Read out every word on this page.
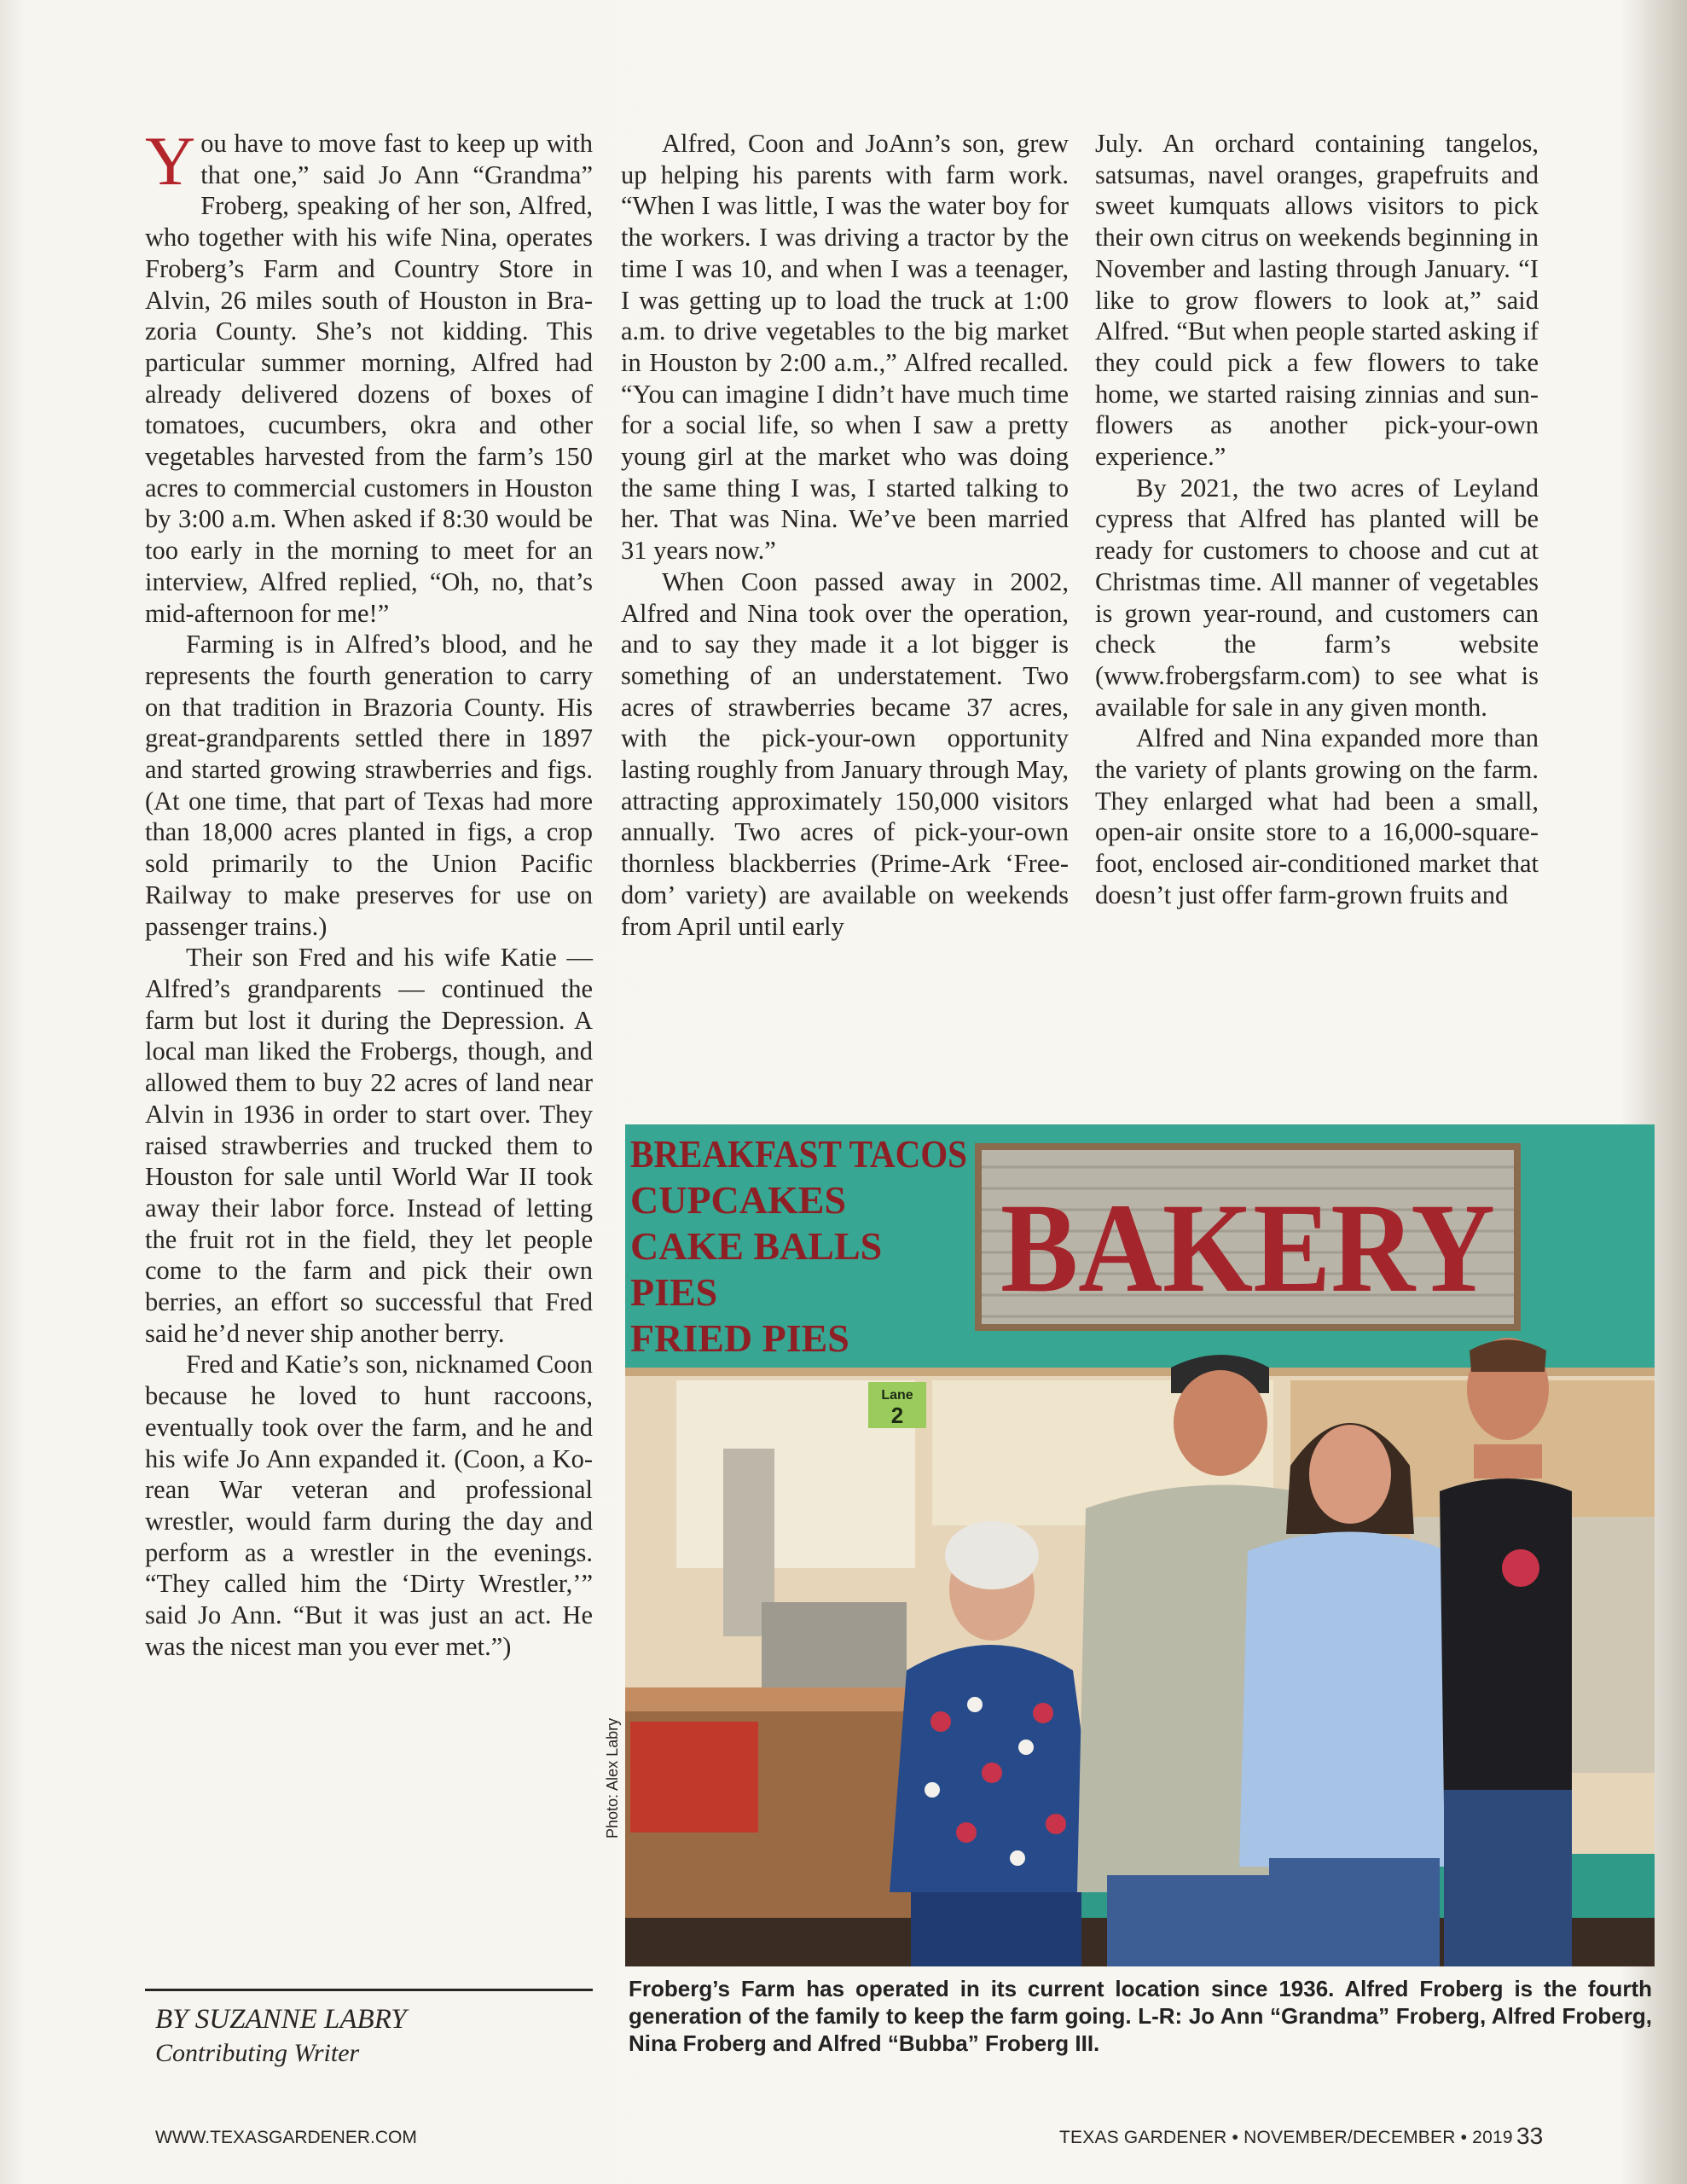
You have to move fast to keep up with that one,” said Jo Ann “Grandma” Froberg, speaking of her son, Alfred, who together with his wife Nina, operates Froberg’s Farm and Country Store in Alvin, 26 miles south of Houston in Brazoria County. She’s not kidding. This particular summer morning, Alfred had already delivered dozens of boxes of tomatoes, cucumbers, okra and other vegetables harvested from the farm’s 150 acres to commercial customers in Houston by 3:00 a.m. When asked if 8:30 would be too early in the morning to meet for an interview, Alfred replied, “Oh, no, that’s mid-afternoon for me!”

Farming is in Alfred’s blood, and he represents the fourth generation to carry on that tradition in Brazoria County. His great-grandparents settled there in 1897 and started growing strawberries and figs. (At one time, that part of Texas had more than 18,000 acres planted in figs, a crop sold primarily to the Union Pacific Railway to make preserves for use on passenger trains.)

Their son Fred and his wife Katie — Alfred’s grandparents — continued the farm but lost it during the Depression. A local man liked the Frobergs, though, and allowed them to buy 22 acres of land near Alvin in 1936 in order to start over. They raised strawberries and trucked them to Houston for sale until World War II took away their labor force. Instead of letting the fruit rot in the field, they let people come to the farm and pick their own berries, an effort so successful that Fred said he’d never ship another berry.

Fred and Katie’s son, nicknamed Coon because he loved to hunt raccoons, eventually took over the farm, and he and his wife Jo Ann expanded it. (Coon, a Korean War veteran and professional wrestler, would farm during the day and perform as a wrestler in the evenings. “They called him the ‘Dirty Wrestler,’” said Jo Ann. “But it was just an act. He was the nicest man you ever met.”)

Alfred, Coon and JoAnn’s son, grew up helping his parents with farm work. “When I was little, I was the water boy for the workers. I was driving a tractor by the time I was 10, and when I was a teenager, I was getting up to load the truck at 1:00 a.m. to drive vegetables to the big market in Houston by 2:00 a.m.,” Alfred recalled. “You can imagine I didn’t have much time for a social life, so when I saw a pretty young girl at the market who was doing the same thing I was, I started talking to her. That was Nina. We’ve been married 31 years now.”

When Coon passed away in 2002, Alfred and Nina took over the operation, and to say they made it a lot bigger is something of an understatement. Two acres of strawberries became 37 acres, with the pick-your-own opportunity lasting roughly from January through May, attracting approximately 150,000 visitors annually. Two acres of pick-your-own thornless blackberries (Prime-Ark ‘Freedom’ variety) are available on weekends from April until early

July. An orchard containing tangelos, satsumas, navel oranges, grapefruits and sweet kumquats allows visitors to pick their own citrus on weekends beginning in November and lasting through January. “I like to grow flowers to look at,” said Alfred. “But when people started asking if they could pick a few flowers to take home, we started raising zinnias and sunflowers as another pick-your-own experience.”

By 2021, the two acres of Leyland cypress that Alfred has planted will be ready for customers to choose and cut at Christmas time. All manner of vegetables is grown year-round, and customers can check the farm’s website (www.frobergsfarm.com) to see what is available for sale in any given month.

Alfred and Nina expanded more than the variety of plants growing on the farm. They enlarged what had been a small, open-air onsite store to a 16,000-square-foot, enclosed air-conditioned market that doesn’t just offer farm-grown fruits and

BY SUZANNE LABRY
Contributing Writer
BAKERY
BREAKFAST TACOS
CUPCAKES
CAKE BALLS
PIES
FRIED PIES
Lane
2
Photo: Alex Labry
Froberg’s Farm has operated in its current location since 1936. Alfred Froberg is the fourth generation of the family to keep the farm going. L-R: Jo Ann “Grandma” Froberg, Alfred Froberg, Nina Froberg and Alfred “Bubba” Froberg III.
WWW.TEXASGARDENER.COM	TEXAS GARDENER • NOVEMBER/DECEMBER • 2019 33
